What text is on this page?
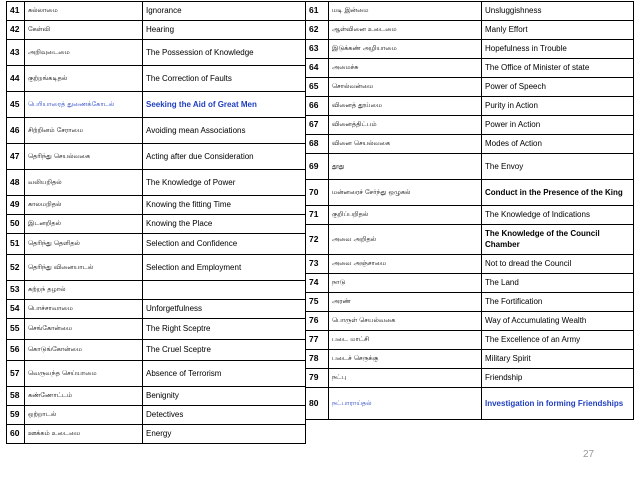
41	கல்லாமை	Ignorance
42	கேள்வி	Hearing
43	அறிவுடைமை	The Possession of Knowledge
44	குற்றங்கடிதல்	The Correction of Faults
45	பெரியாரைத் துணைக்கோடல்	Seeking the Aid of Great Men
46	சிற்றினம் சேராமை	Avoiding mean Associations
47	தெரிந்து செயல்வகை	Acting after due Consideration
48	வலியறிதல்	The Knowledge of Power
49	காலமறிதல்	Knowing the fitting Time
50	இடனறிதல்	Knowing the Place
51	தெரிந்து தெளிதல்	Selection and Confidence
52	தெரிந்து வினையாடல்	Selection and Employment
53	சுற்றந் தழால்	
54	பொச்சாவாமை	Unforgetfulness
55	செங்கோன்மை	The Right Sceptre
56	கொடுங்கோன்மை	The Cruel Sceptre
57	வெருவந்த செய்யாமை	Absence of Terrorism
58	கண்ணோட்டம்	Benignity
59	ஒற்றாடல்	Detectives
60	ஊக்கம் உடைமை	Energy
61	மடி இன்மை	Unsluggishness
62	ஆள்வினை உடைமை	Manly Effort
63	இடுக்கண் அழியாமை	Hopefulness in Trouble
64	அமைச்சு	The Office of Minister of state
65	சொல்வன்மை	Power of Speech
66	வினைத் தூய்மை	Purity in Action
67	வினைத்திட்பம்	Power in Action
68	வினை செயல்வகை	Modes of Action
69	தூது	The Envoy
70	மன்னரைச் சேர்ந்து ஒழுகல்	Conduct in the Presence of the King
71	குறிப்பறிதல்	The Knowledge of Indications
72	அவை அறிதல்	The Knowledge of the Council Chamber
73	அவை அஞ்சாமை	Not to dread the Council
74	நாடு	The Land
75	அரண்	The Fortification
76	பொருள் செயல்வகை	Way of Accumulating Wealth
77	படை மாட்சி	The Excellence of an Army
78	படைச் செருக்கு	Military Spirit
79	நட்பு	Friendship
80	நட்பாராய்தல்	Investigation in forming Friendships
27
